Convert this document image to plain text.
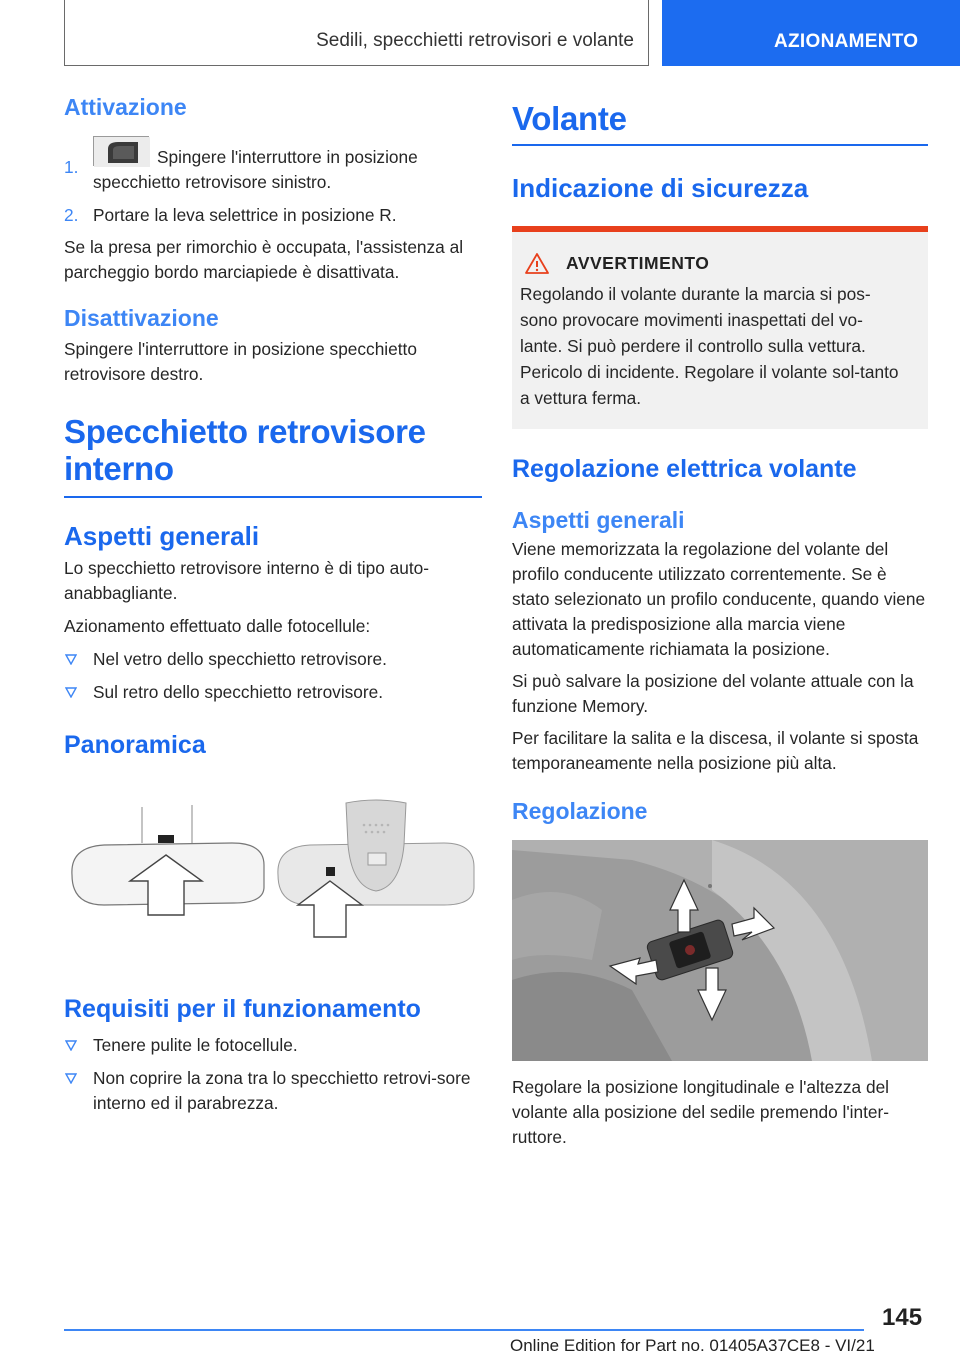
Sedili, specchietti retrovisori e volante	AZIONAMENTO
Attivazione
1.	Spingere l'interruttore in posizione specchietto retrovisore sinistro.
2. Portare la leva selettrice in posizione R.

Se la presa per rimorchio è occupata, l'assistenza al parcheggio bordo marciapiede è disattivata.

Disattivazione

Spingere l'interruttore in posizione specchietto retrovisore destro.

Specchietto retrovisore
interno
Aspetti generali

Lo specchietto retrovisore interno è di tipo auto-anabbagliante.

Azionamento effettuato dalle fotocellule:

Nel vetro dello specchietto retrovisore.
Sul retro dello specchietto retrovisore.
Panoramica
Requisiti per il funzionamento
Tenere pulite le fotocellule.
Non coprire la zona tra lo specchietto retrovi-sore interno ed il parabrezza.
Volante
Indicazione di sicurezza
AVVERTIMENTO

Regolando il volante durante la marcia si pos-sono provocare movimenti inaspettati del vo-lante. Si può perdere il controllo sulla vettura. Pericolo di incidente. Regolare il volante sol-tanto a vettura ferma.

Regolazione elettrica volante
Aspetti generali

Viene memorizzata la regolazione del volante del profilo conducente utilizzato correntemente. Se è stato selezionato un profilo conducente, quando viene attivata la predisposizione alla marcia viene automaticamente richiamata la posizione.

Si può salvare la posizione del volante attuale con la funzione Memory.

Per facilitare la salita e la discesa, il volante si sposta temporaneamente nella posizione più alta.

Regolazione

Regolare la posizione longitudinale e l'altezza del volante alla posizione del sedile premendo l'inter-ruttore.

145
Online Edition for Part no. 01405A37CE8 - VI/21
